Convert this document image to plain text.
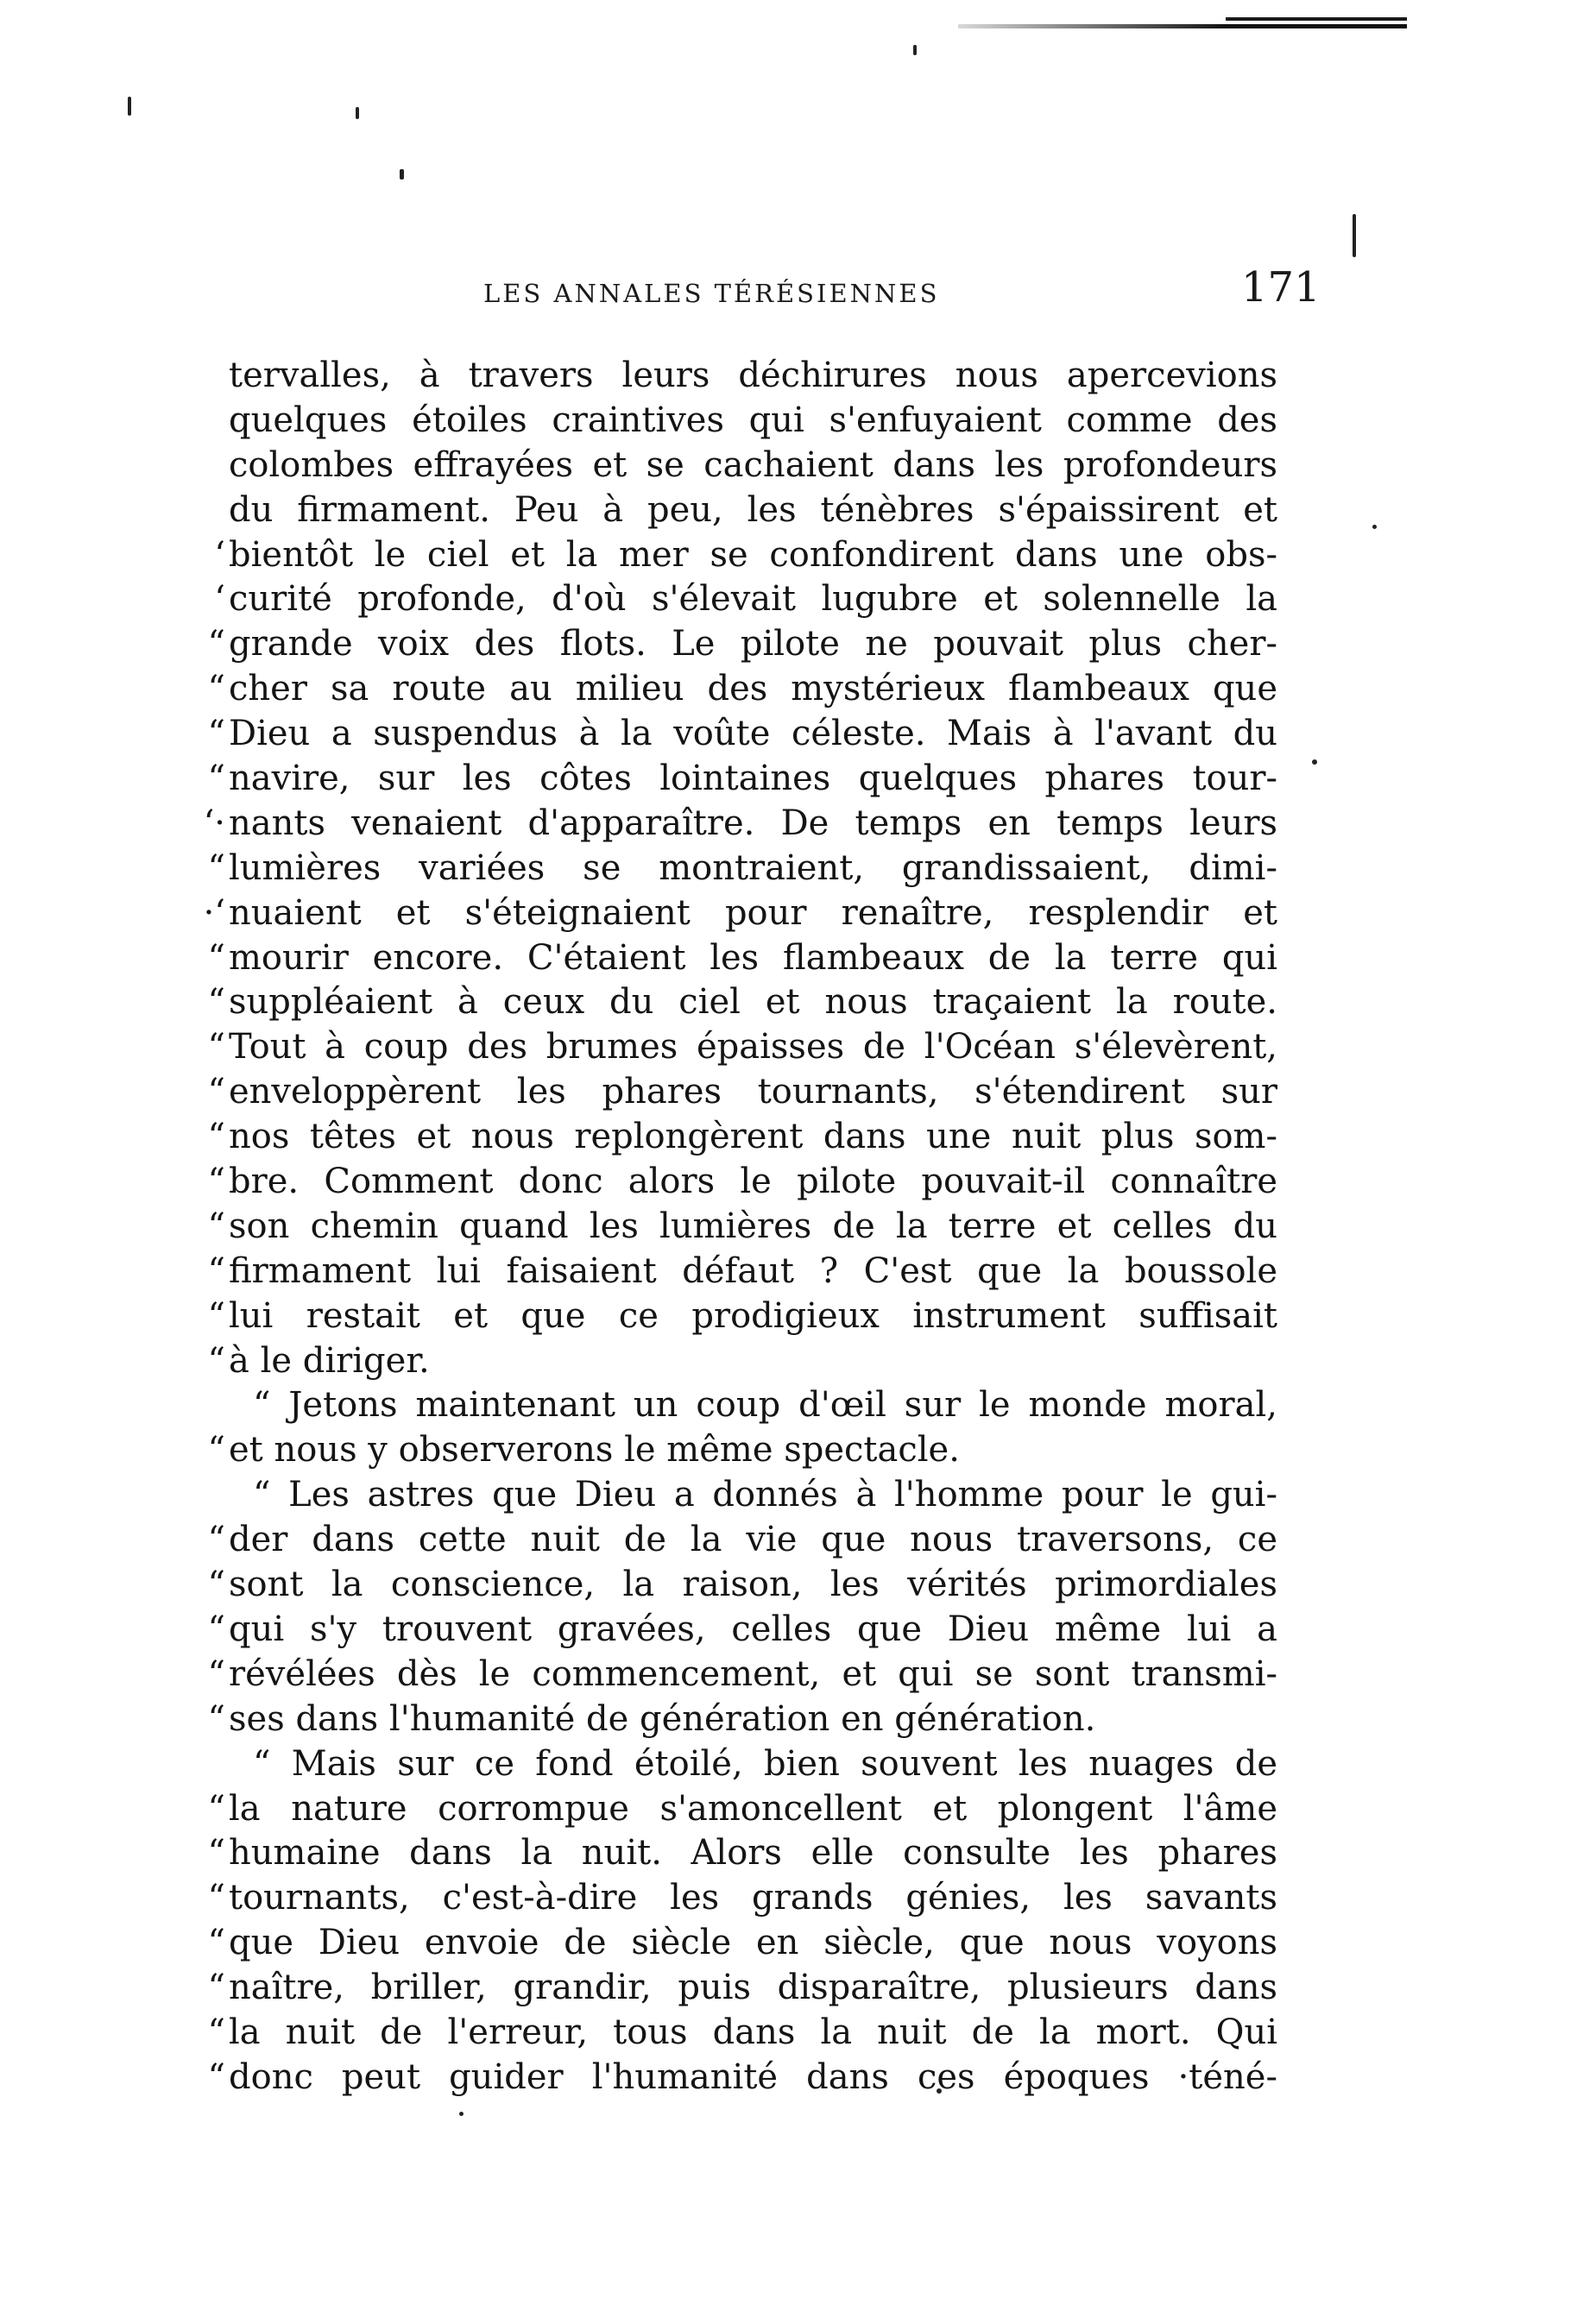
LES ANNALES TÉRÉSIENNES	171
tervalles, à travers leurs déchirures nous apercevions
quelques étoiles craintives qui s'enfuyaient comme des
colombes effrayées et se cachaient dans les profondeurs
du firmament. Peu à peu, les ténèbres s'épaissirent et
‘ bientôt le ciel et la mer se confondirent dans une obs-
‘ curité profonde, d'où s'élevait lugubre et solennelle la
“ grande voix des flots. Le pilote ne pouvait plus cher-
“ cher sa route au milieu des mystérieux flambeaux que
“ Dieu a suspendus à la voûte céleste. Mais à l'avant du
“ navire, sur les côtes lointaines quelques phares tour-
‘· nants venaient d'apparaître. De temps en temps leurs
“ lumières variées se montraient, grandissaient, dimi-
·‘ nuaient et s'éteignaient pour renaître, resplendir et
“ mourir encore. C'étaient les flambeaux de la terre qui
“ suppléaient à ceux du ciel et nous traçaient la route.
“ Tout à coup des brumes épaisses de l'Océan s'élevèrent,
“ enveloppèrent les phares tournants, s'étendirent sur
“ nos têtes et nous replongèrent dans une nuit plus som-
“ bre. Comment donc alors le pilote pouvait-il connaître
“ son chemin quand les lumières de la terre et celles du
“ firmament lui faisaient défaut ? C'est que la boussole
“ lui restait et que ce prodigieux instrument suffisait
“ à le diriger.
“ Jetons maintenant un coup d'œil sur le monde moral,
“ et nous y observerons le même spectacle.
“ Les astres que Dieu a donnés à l'homme pour le gui-
“ der dans cette nuit de la vie que nous traversons, ce
“ sont la conscience, la raison, les vérités primordiales
“ qui s'y trouvent gravées, celles que Dieu même lui a
“ révélées dès le commencement, et qui se sont transmi-
“ ses dans l'humanité de génération en génération.
“ Mais sur ce fond étoilé, bien souvent les nuages de
“ la nature corrompue s'amoncellent et plongent l'âme
“ humaine dans la nuit. Alors elle consulte les phares
“ tournants, c'est-à-dire les grands génies, les savants
“ que Dieu envoie de siècle en siècle, que nous voyons
“ naître, briller, grandir, puis disparaître, plusieurs dans
“ la nuit de l'erreur, tous dans la nuit de la mort. Qui
“ donc peut guider l'humanité dans ces époques ·téné-
